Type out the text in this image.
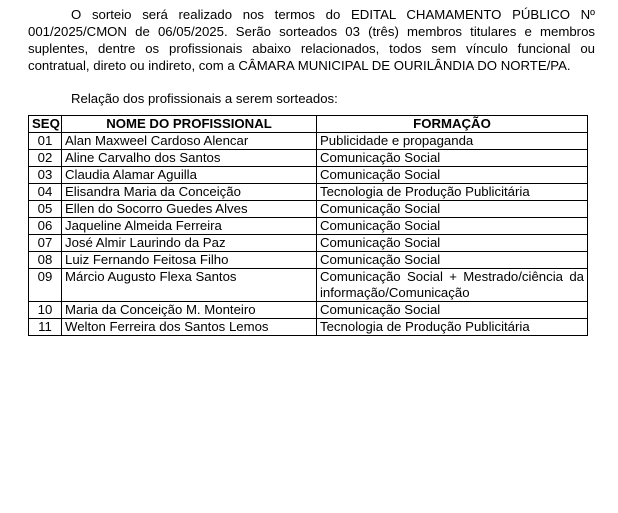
O sorteio será realizado nos termos do EDITAL CHAMAMENTO PÚBLICO Nº 001/2025/CMON de 06/05/2025. Serão sorteados 03 (três) membros titulares e membros suplentes, dentre os profissionais abaixo relacionados, todos sem vínculo funcional ou contratual, direto ou indireto, com a CÂMARA MUNICIPAL DE OURILÂNDIA DO NORTE/PA.

Relação dos profissionais a serem sorteados:

SEQ	NOME DO PROFISSIONAL	FORMAÇÃO
01	Alan Maxweel Cardoso Alencar	Publicidade e propaganda
02	Aline Carvalho dos Santos	Comunicação Social
03	Claudia Alamar Aguilla	Comunicação Social
04	Elisandra Maria da Conceição	Tecnologia de Produção Publicitária
05	Ellen do Socorro Guedes Alves	Comunicação Social
06	Jaqueline Almeida Ferreira	Comunicação Social
07	José Almir Laurindo da Paz	Comunicação Social
08	Luiz Fernando Feitosa Filho	Comunicação Social
09	Márcio Augusto Flexa Santos	Comunicação Social + Mestrado/ciência da informação/Comunicação
10	Maria da Conceição M. Monteiro	Comunicação Social
11	Welton Ferreira dos Santos Lemos	Tecnologia de Produção Publicitária
